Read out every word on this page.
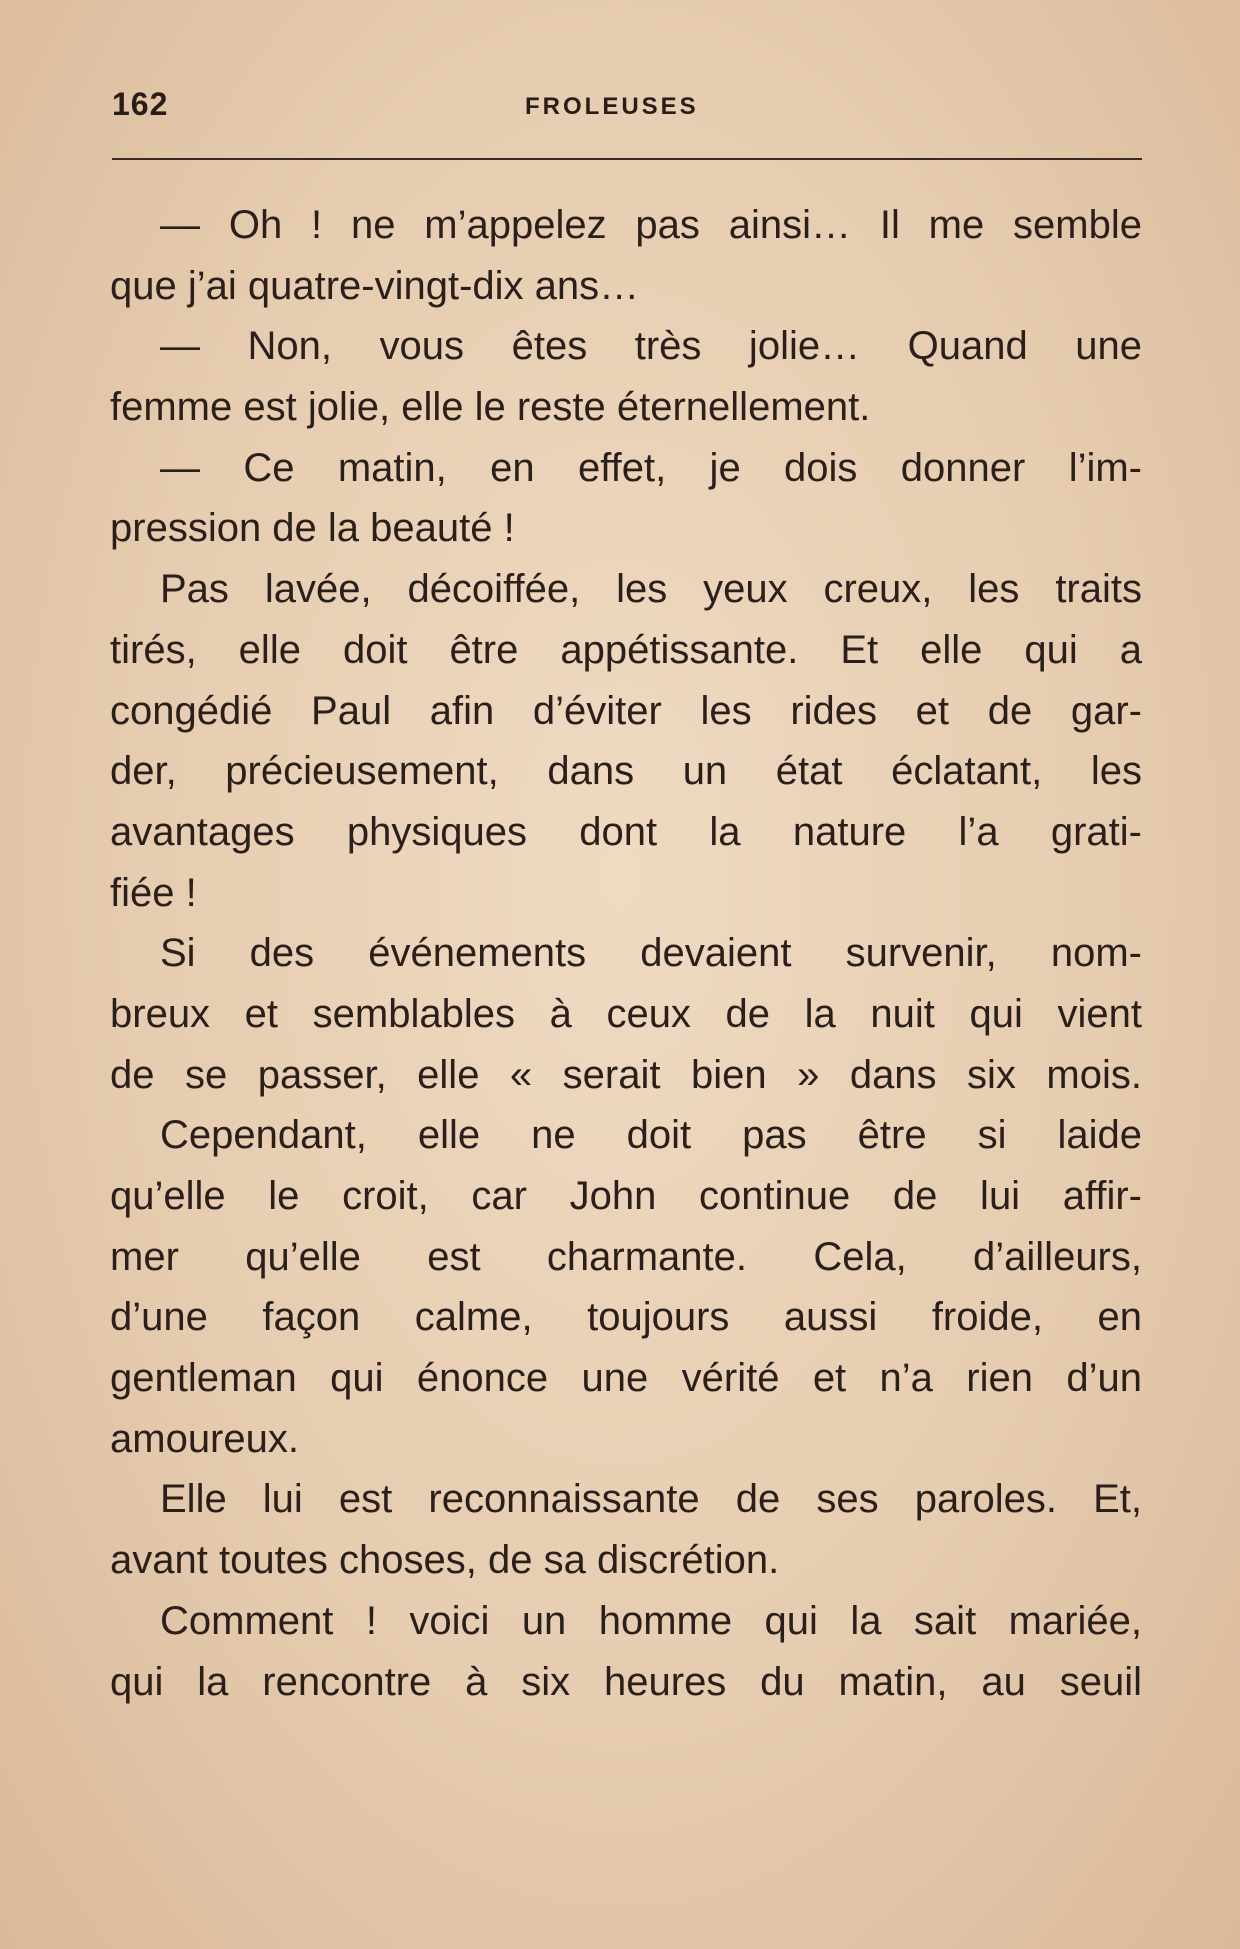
162	FROLEUSES
— Oh ! ne m’appelez pas ainsi… Il me semble
que j’ai quatre-vingt-dix ans…
— Non, vous êtes très jolie… Quand une
femme est jolie, elle le reste éternellement.
— Ce matin, en effet, je dois donner l’im-
pression de la beauté !
Pas lavée, décoiffée, les yeux creux, les traits
tirés, elle doit être appétissante. Et elle qui a
congédié Paul afin d’éviter les rides et de gar-
der, précieusement, dans un état éclatant, les
avantages physiques dont la nature l’a grati-
fiée !
Si des événements devaient survenir, nom-
breux et semblables à ceux de la nuit qui vient
de se passer, elle « serait bien » dans six mois.
Cependant, elle ne doit pas être si laide
qu’elle le croit, car John continue de lui affir-
mer qu’elle est charmante. Cela, d’ailleurs,
d’une façon calme, toujours aussi froide, en
gentleman qui énonce une vérité et n’a rien d’un
amoureux.
Elle lui est reconnaissante de ses paroles. Et,
avant toutes choses, de sa discrétion.
Comment ! voici un homme qui la sait mariée,
qui la rencontre à six heures du matin, au seuil
